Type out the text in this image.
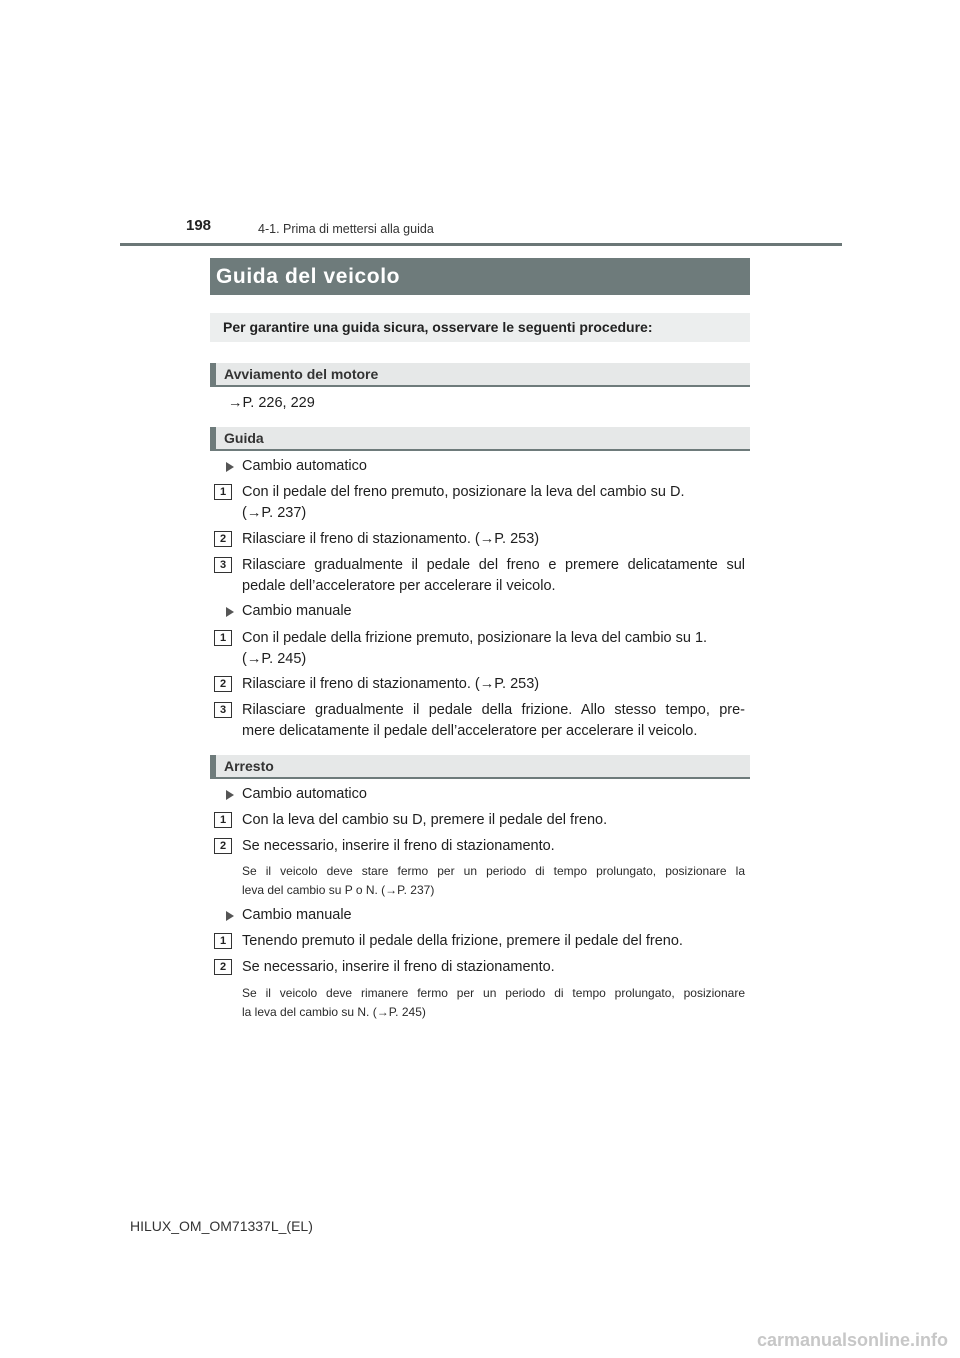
198	4-1. Prima di mettersi alla guida
Guida del veicolo
Per garantire una guida sicura, osservare le seguenti procedure:
Avviamento del motore
→P. 226, 229
Guida
Cambio automatico
1	Con il pedale del freno premuto, posizionare la leva del cambio su D.
(→P. 237)
2	Rilasciare il freno di stazionamento. (→P. 253)
3	Rilasciare gradualmente il pedale del freno e premere delicatamente sul
pedale dell’acceleratore per accelerare il veicolo.
Cambio manuale
1	Con il pedale della frizione premuto, posizionare la leva del cambio su 1.
(→P. 245)
2	Rilasciare il freno di stazionamento. (→P. 253)
3	Rilasciare gradualmente il pedale della frizione. Allo stesso tempo, pre-
mere delicatamente il pedale dell’acceleratore per accelerare il veicolo.
Arresto
Cambio automatico
1	Con la leva del cambio su D, premere il pedale del freno.
2	Se necessario, inserire il freno di stazionamento.
Se il veicolo deve stare fermo per un periodo di tempo prolungato, posizionare la
leva del cambio su P o N. (→P. 237)
Cambio manuale
1	Tenendo premuto il pedale della frizione, premere il pedale del freno.
2	Se necessario, inserire il freno di stazionamento.
Se il veicolo deve rimanere fermo per un periodo di tempo prolungato, posizionare
la leva del cambio su N. (→P. 245)
HILUX_OM_OM71337L_(EL)
carmanualsonline.info
